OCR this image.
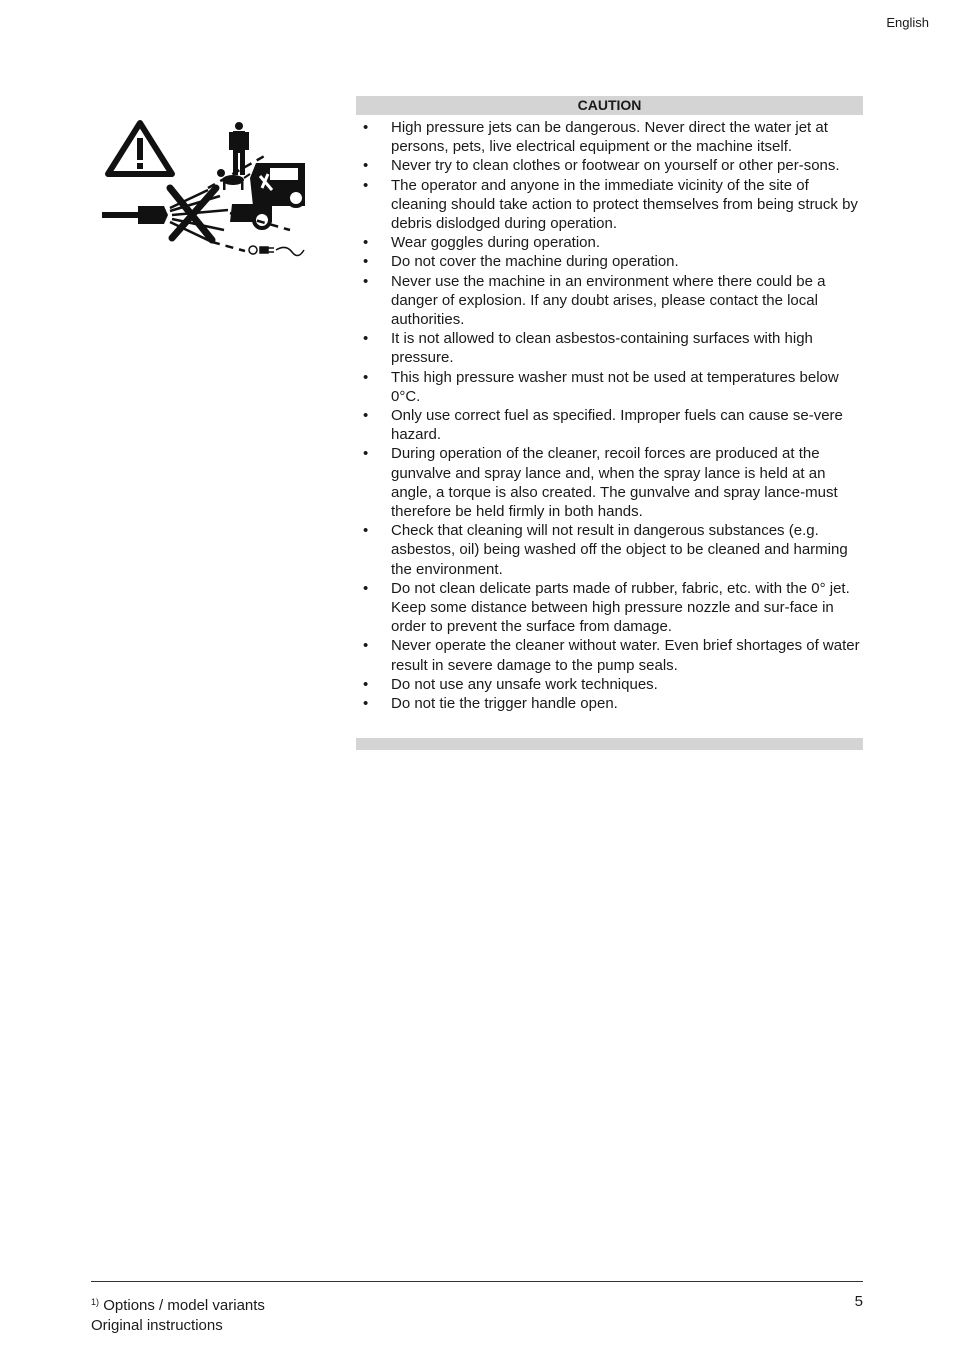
English
CAUTION
• High pressure jets can be dangerous. Never direct the water jet at persons, pets, live electrical equipment or the machine itself.
• Never try to clean clothes or footwear on yourself or other per-sons.
• The operator and anyone in the immediate vicinity of the site of cleaning should take action to protect themselves from being struck by debris dislodged during operation.
• Wear goggles during operation.
• Do not cover the machine during operation.
• Never use the machine in an environment where there could be a danger of explosion. If any doubt arises, please contact the local authorities.
• It is not allowed to clean asbestos-containing surfaces with high pressure.
• This high pressure washer must not be used at temperatures below 0°C.
• Only use correct fuel as specified. Improper fuels can cause se-vere hazard.
• During operation of the cleaner, recoil forces are produced at the gunvalve and spray lance and, when the spray lance is held at an angle, a torque is also created. The gunvalve and spray lance-must therefore be held firmly in both hands.
• Check that cleaning will not result in dangerous substances (e.g. asbestos, oil) being washed off the object to be cleaned and harming the environment.
• Do not clean delicate parts made of rubber, fabric, etc. with the 0° jet. Keep some distance between high pressure nozzle and sur-face in order to prevent the surface from damage.
• Never operate the cleaner without water. Even brief shortages of water result in severe damage to the pump seals.
• Do not use any unsafe work techniques.
• Do not tie the trigger handle open.
$^{1)}$ Options / model variants
Original instructions
5
